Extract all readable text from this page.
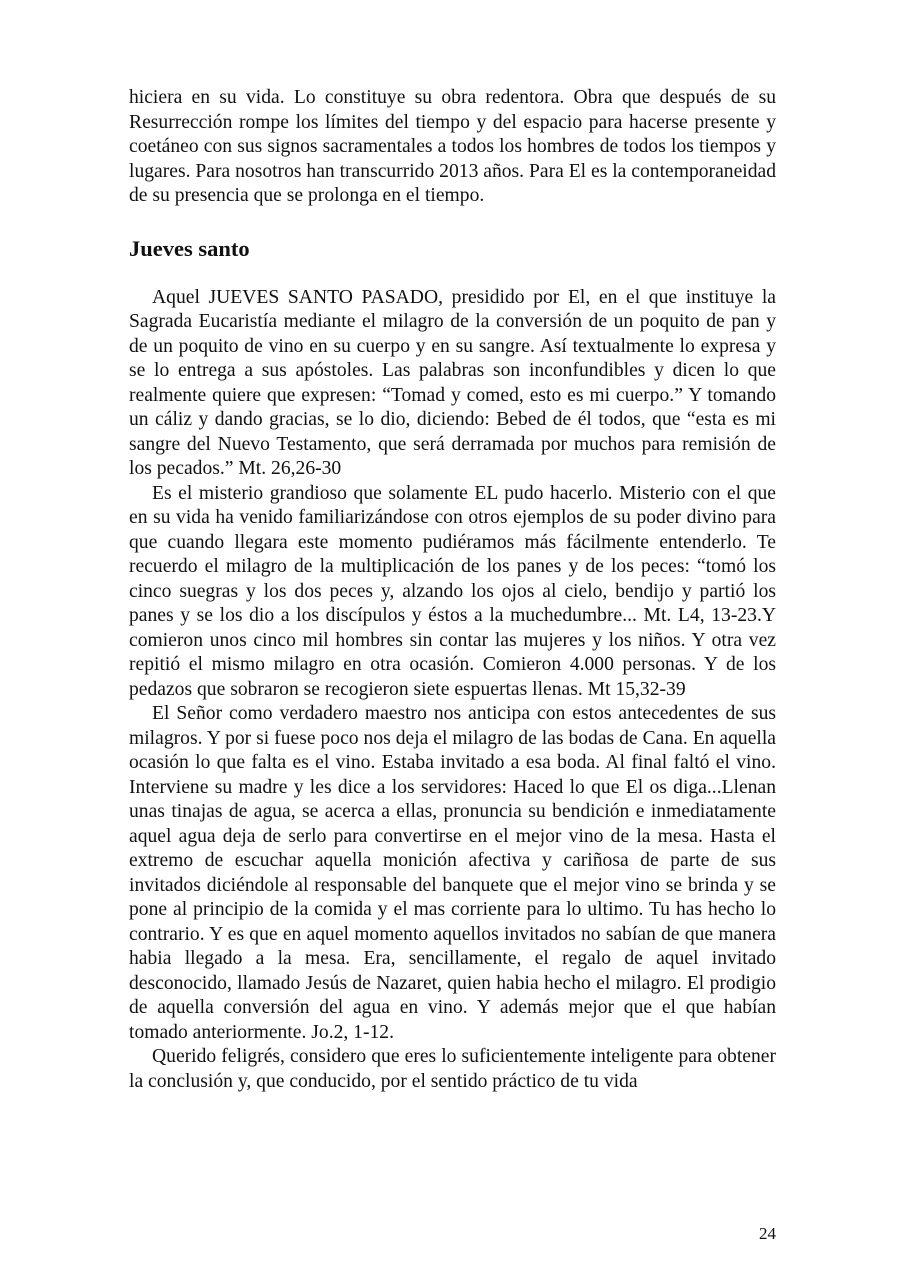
hiciera en su vida. Lo constituye su obra redentora. Obra que después de su Resurrección rompe los límites del tiempo y del espacio para hacerse presente y coetáneo con sus signos sacramentales a todos los hombres de todos los tiempos y lugares. Para nosotros han transcurrido 2013 años. Para El es la contemporaneidad de su presencia que se prolonga en el tiempo.

Jueves santo

Aquel JUEVES SANTO PASADO, presidido por El, en el que instituye la Sagrada Eucaristía mediante el milagro de la conversión de un poquito de pan y de un poquito de vino en su cuerpo y en su sangre. Así textualmente lo expresa y se lo entrega a sus apóstoles. Las palabras son inconfundibles y dicen lo que realmente quiere que expresen: “Tomad y comed, esto es mi cuerpo.” Y tomando un cáliz y dando gracias, se lo dio, diciendo: Bebed de él todos, que “esta es mi sangre del Nuevo Testamento, que será derramada por muchos para remisión de los pecados.” Mt. 26,26-30

Es el misterio grandioso que solamente EL pudo hacerlo. Misterio con el que en su vida ha venido familiarizándose con otros ejemplos de su poder divino para que cuando llegara este momento pudiéramos más fácilmente entenderlo. Te recuerdo el milagro de la multiplicación de los panes y de los peces: “tomó los cinco suegras y los dos peces y, alzando los ojos al cielo, bendijo y partió los panes y se los dio a los discípulos y éstos a la muchedumbre... Mt. L4, 13-23.Y comieron unos cinco mil hombres sin contar las mujeres y los niños. Y otra vez repitió el mismo milagro en otra ocasión. Comieron 4.000 personas. Y de los pedazos que sobraron se recogieron siete espuertas llenas. Mt 15,32-39

El Señor como verdadero maestro nos anticipa con estos antecedentes de sus milagros. Y por si fuese poco nos deja el milagro de las bodas de Cana. En aquella ocasión lo que falta es el vino. Estaba invitado a esa boda. Al final faltó el vino. Interviene su madre y les dice a los servidores: Haced lo que El os diga...Llenan unas tinajas de agua, se acerca a ellas, pronuncia su bendición e inmediatamente aquel agua deja de serlo para convertirse en el mejor vino de la mesa. Hasta el extremo de escuchar aquella monición afectiva y cariñosa de parte de sus invitados diciéndole al responsable del banquete que el mejor vino se brinda y se pone al principio de la comida y el mas corriente para lo ultimo. Tu has hecho lo contrario. Y es que en aquel momento aquellos invitados no sabían de que manera habia llegado a la mesa. Era, sencillamente, el regalo de aquel invitado desconocido, llamado Jesús de Nazaret, quien habia hecho el milagro. El prodigio de aquella conversión del agua en vino. Y además mejor que el que habían tomado anteriormente. Jo.2, 1-12.

Querido feligrés, considero que eres lo suficientemente inteligente para obtener la conclusión y, que conducido, por el sentido práctico de tu vida

24
